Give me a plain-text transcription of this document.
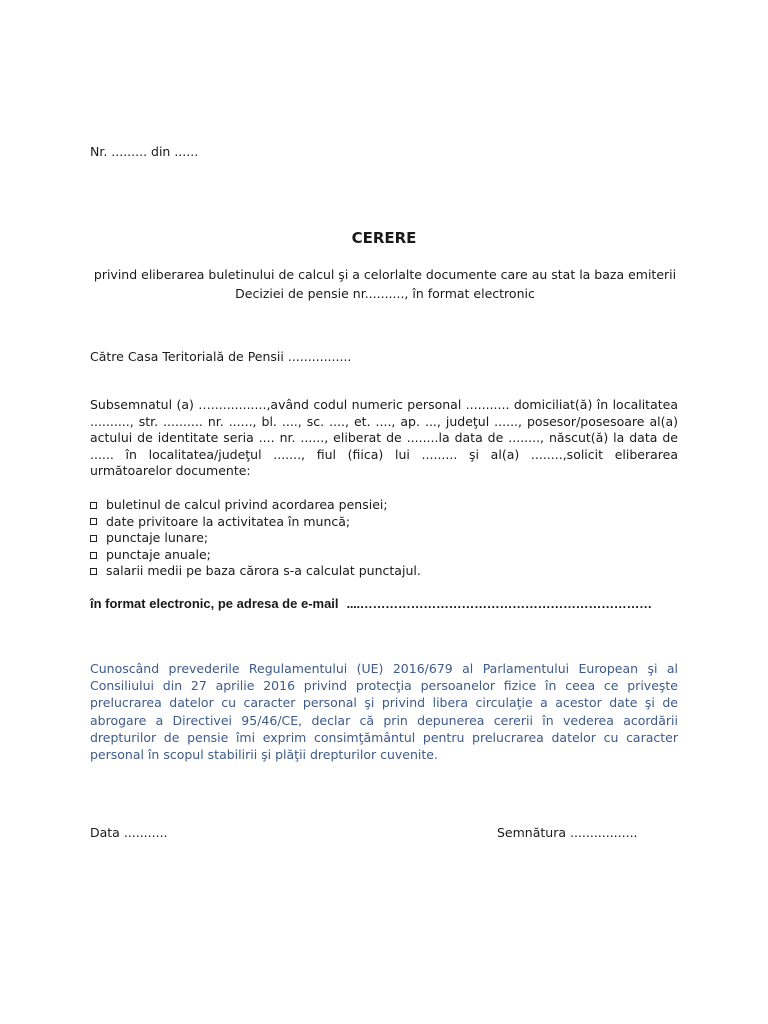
Nr. ......... din ......
CERERE
privind eliberarea buletinului de calcul şi a celorlalte documente care au stat la baza emiterii
Deciziei de pensie nr.........., în format electronic
Către Casa Teritorială de Pensii ................
Subsemnatul (a) …..............,având codul numeric personal ........... domiciliat(ă) în localitatea .........., str. .......... nr. ......, bl. ...., sc. ...., et. ...., ap. ..., judeţul ......, posesor/posesoare al(a) actului de identitate seria .... nr. ......, eliberat de ........la data de ........, născut(ă) la data de ...... în localitatea/judeţul ......., fiul (fiica) lui ......... şi al(a) ........,solicit eliberarea următoarelor documente:
buletinul de calcul privind acordarea pensiei;
date privitoare la activitatea în muncă;
punctaje lunare;
punctaje anuale;
salarii medii pe baza cărora s-a calculat punctajul.
în format electronic, pe adresa de e-mail ....……………………………………………………………
Cunoscând prevederile Regulamentului (UE) 2016/679 al Parlamentului European şi al Consiliului din 27 aprilie 2016 privind protecţia persoanelor fizice în ceea ce priveşte prelucrarea datelor cu caracter personal şi privind libera circulaţie a acestor date şi de abrogare a Directivei 95/46/CE, declar că prin depunerea cererii în vederea acordării drepturilor de pensie îmi exprim consimţământul pentru prelucrarea datelor cu caracter personal în scopul stabilirii şi plăţii drepturilor cuvenite.
Data ...........	Semnătura .................
